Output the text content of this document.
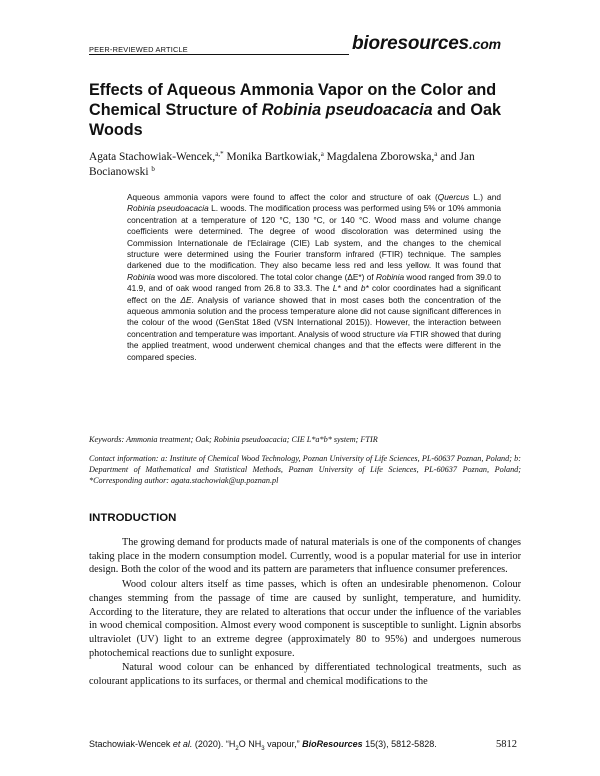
PEER-REVIEWED ARTICLE	bioresources.com
Effects of Aqueous Ammonia Vapor on the Color and Chemical Structure of Robinia pseudoacacia and Oak Woods
Agata Stachowiak-Wencek,$^{a,*}$ Monika Bartkowiak,$^a$ Magdalena Zborowska,$^a$ and Jan Bocianowski $^b$

Aqueous ammonia vapors were found to affect the color and structure of oak (Quercus L.) and Robinia pseudoacacia L. woods. The modification process was performed using 5% or 10% ammonia concentration at a temperature of 120 °C, 130 °C, or 140 °C. Wood mass and volume change coefficients were determined. The degree of wood discoloration was determined using the Commission Internationale de l'Eclairage (CIE) Lab system, and the changes to the chemical structure were determined using the Fourier transform infrared (FTIR) technique. The samples darkened due to the modification. They also became less red and less yellow. It was found that Robinia wood was more discolored. The total color change (ΔE*) of Robinia wood ranged from 39.0 to 41.9, and of oak wood ranged from 26.8 to 33.3. The L* and b* color coordinates had a significant effect on the ΔE. Analysis of variance showed that in most cases both the concentration of the aqueous ammonia solution and the process temperature alone did not cause significant differences in the colour of the wood (GenStat 18ed (VSN International 2015)). However, the interaction between concentration and temperature was important. Analysis of wood structure via FTIR showed that during the applied treatment, wood underwent chemical changes and that the effects were different in the compared species.

Keywords: Ammonia treatment; Oak; Robinia pseudoacacia; CIE L*a*b* system; FTIR
Contact information: a: Institute of Chemical Wood Technology, Poznan University of Life Sciences, PL-60637 Poznan, Poland; b: Department of Mathematical and Statistical Methods, Poznan University of Life Sciences, PL-60637 Poznan, Poland; *Corresponding author: agata.stachowiak@up.poznan.pl
INTRODUCTION

The growing demand for products made of natural materials is one of the components of changes taking place in the modern consumption model. Currently, wood is a popular material for use in interior design. Both the color of the wood and its pattern are parameters that influence consumer preferences.

Wood colour alters itself as time passes, which is often an undesirable phenomenon. Colour changes stemming from the passage of time are caused by sunlight, temperature, and humidity. According to the literature, they are related to alterations that occur under the influence of the variables in wood chemical composition. Almost every wood component is susceptible to sunlight. Lignin absorbs ultraviolet (UV) light to an extreme degree (approximately 80 to 95%) and undergoes numerous photochemical reactions due to sunlight exposure.

Natural wood colour can be enhanced by differentiated technological treatments, such as colourant applications to its surfaces, or thermal and chemical modifications to the

Stachowiak-Wencek et al. (2020). “$H_2O$ $NH_3$ vapour,” BioResources 15(3), 5812-5828.	5812
